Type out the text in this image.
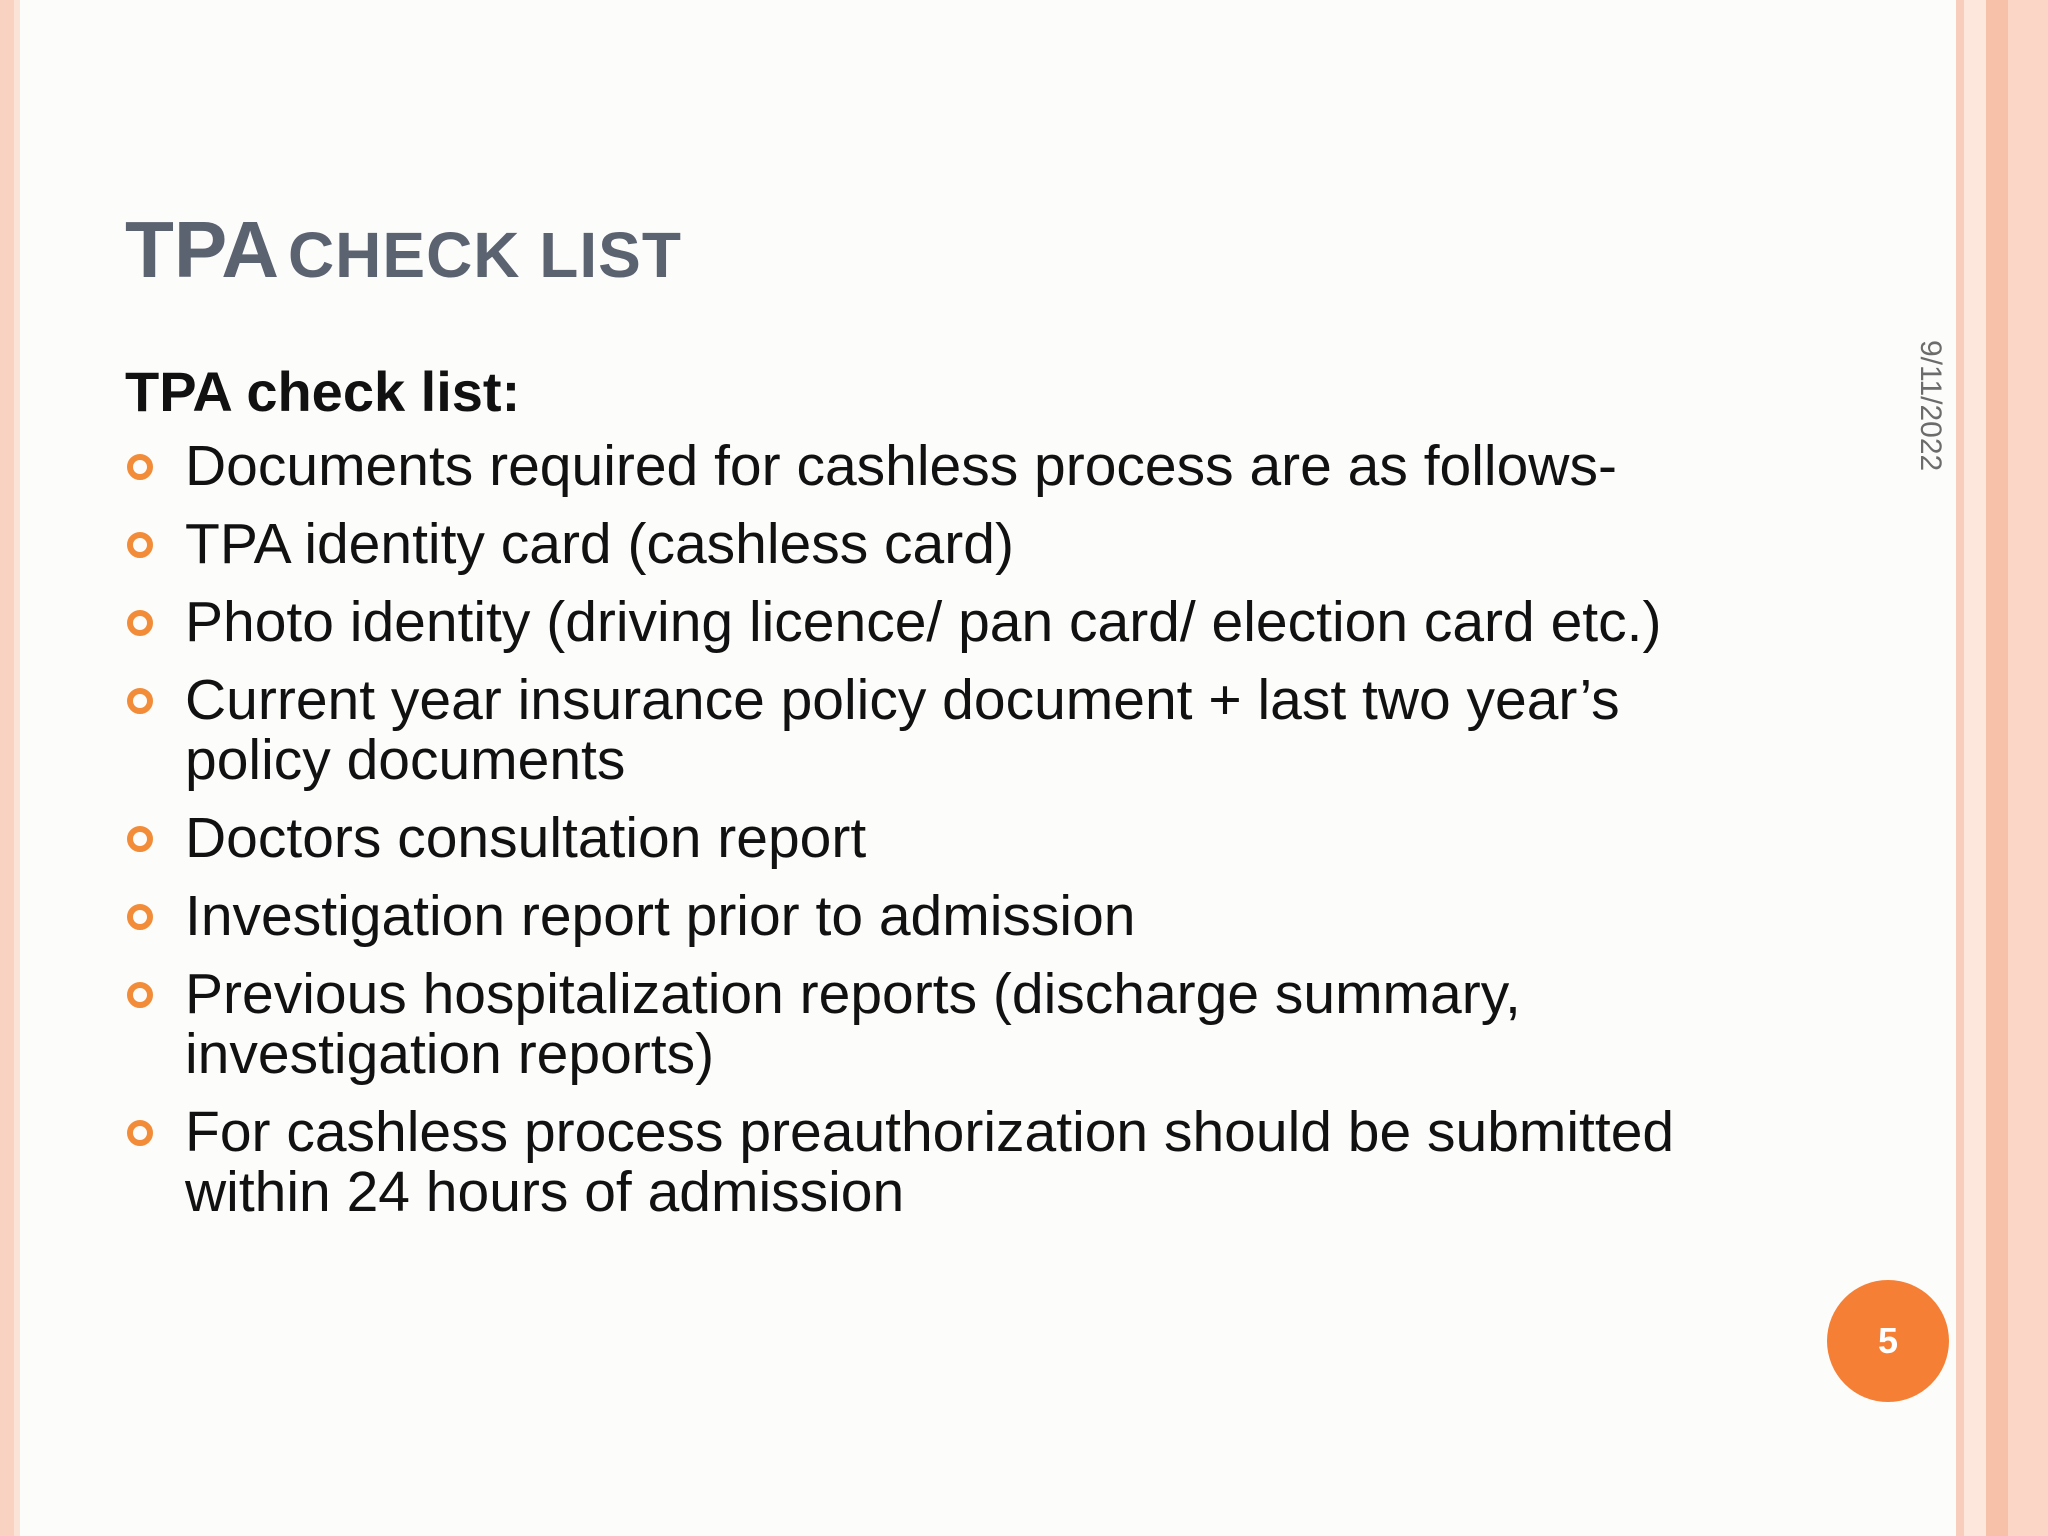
TPA CHECK LIST
9/11/2022
TPA check list:
Documents required for cashless process are as follows-
TPA identity card (cashless card)
Photo identity (driving licence/ pan card/ election card etc.)
Current year insurance policy document + last two year’s policy documents
Doctors consultation report
Investigation report prior to admission
Previous hospitalization reports (discharge summary, investigation reports)
For cashless process preauthorization should be submitted within 24 hours of admission
5
